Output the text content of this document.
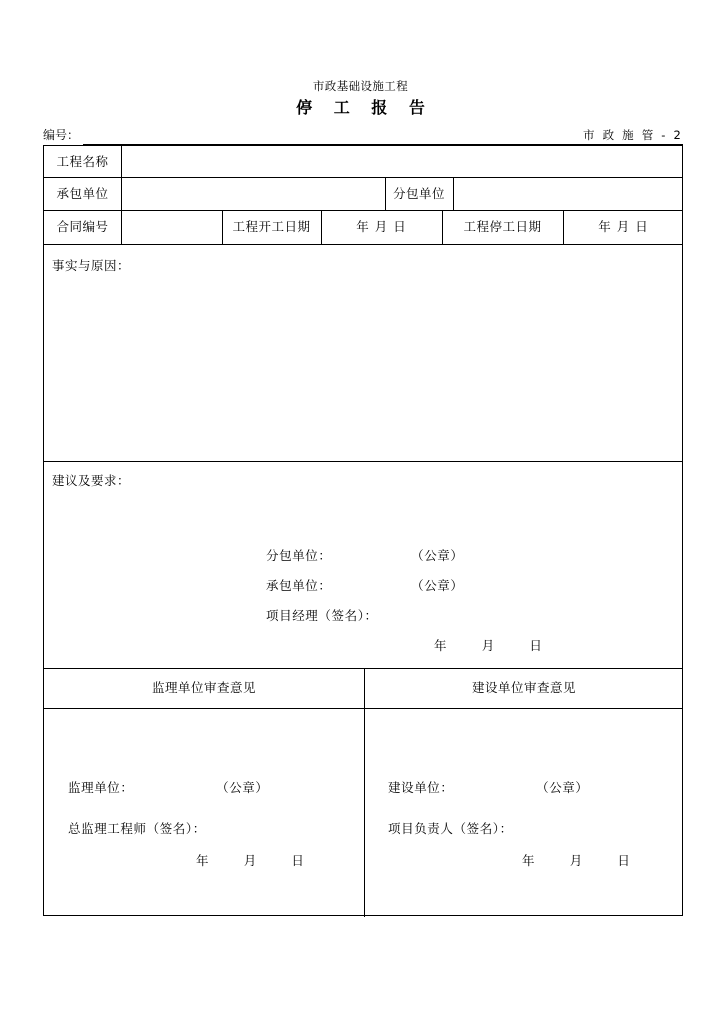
市政基础设施工程
停 工 报 告
编号：	市 政 施 管 - 2
工程名称
承包单位	分包单位
合同编号	工程开工日期	年 月 日	工程停工日期	年 月 日
事实与原因：
建议及要求：
分包单位：	（公章）
承包单位：	（公章）
项目经理（签名）：
年	月	日
监理单位审查意见	建设单位审查意见
监理单位：	（公章）
总监理工程师（签名）：
年	月	日
建设单位：	（公章）
项目负责人（签名）：
年	月	日
